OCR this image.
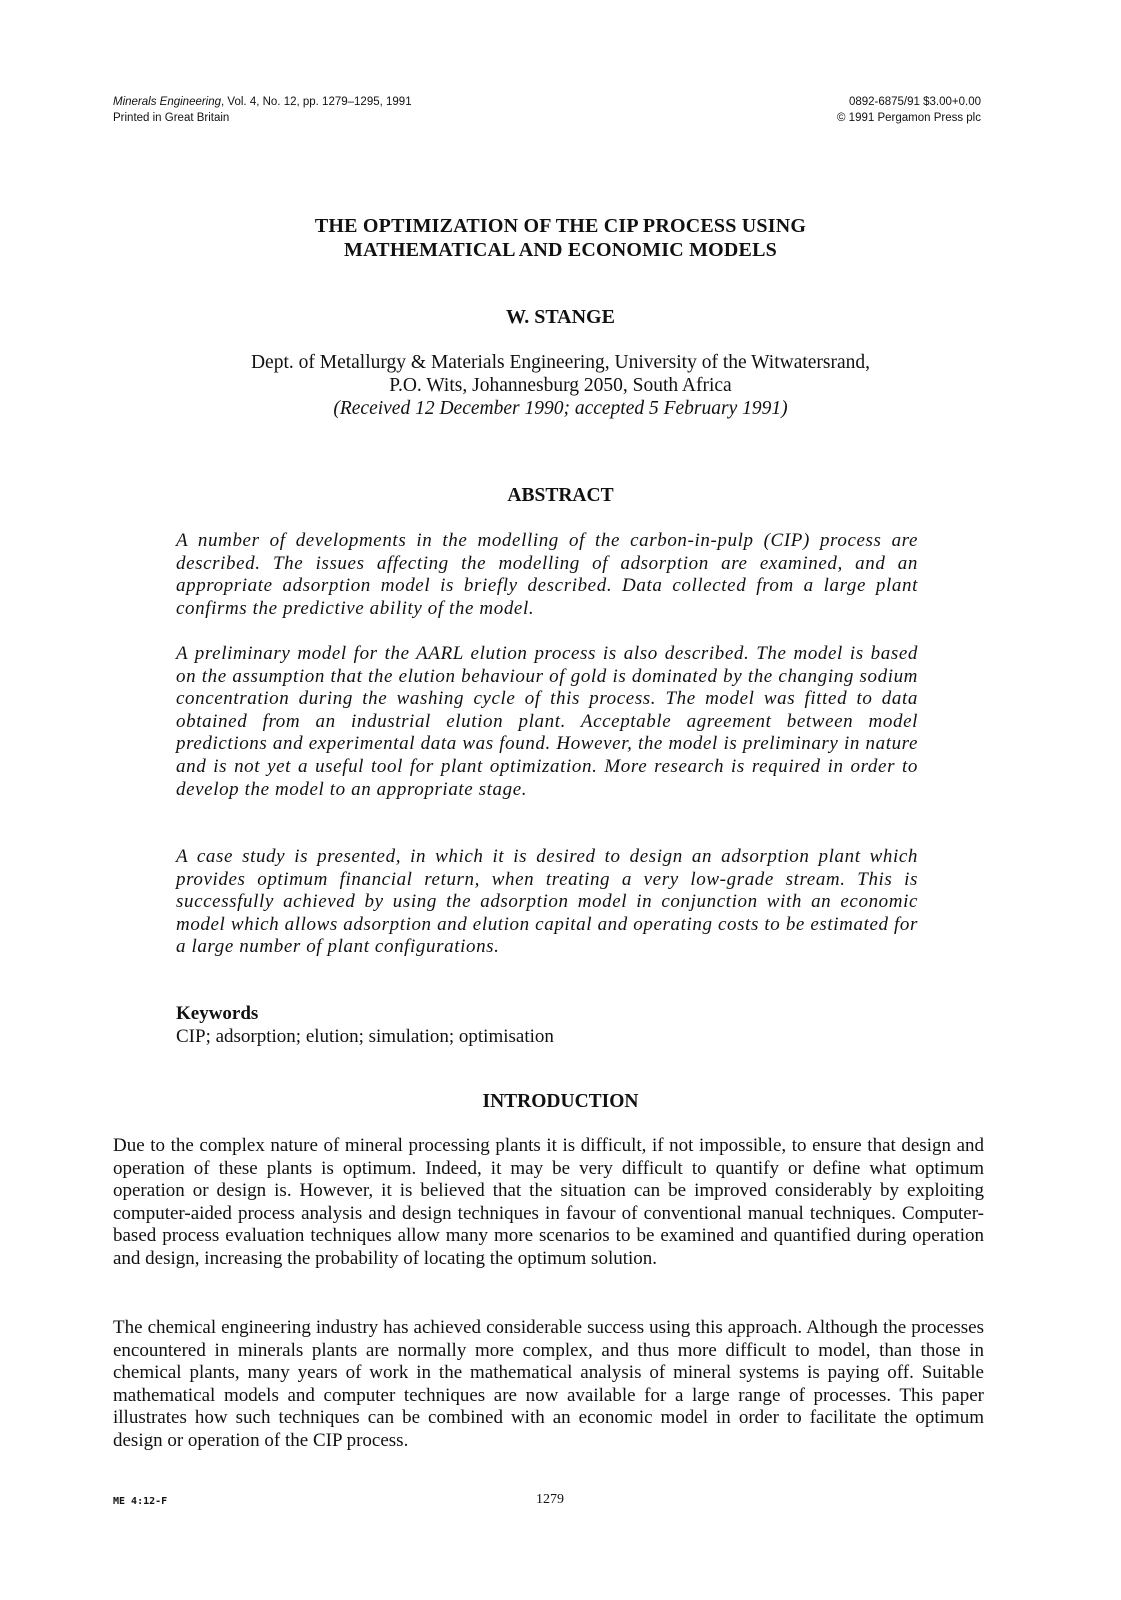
Minerals Engineering, Vol. 4, No. 12, pp. 1279–1295, 1991
Printed in Great Britain
0892-6875/91 $3.00+0.00
© 1991 Pergamon Press plc
THE OPTIMIZATION OF THE CIP PROCESS USING
MATHEMATICAL AND ECONOMIC MODELS
W. STANGE
Dept. of Metallurgy & Materials Engineering, University of the Witwatersrand,
P.O. Wits, Johannesburg 2050, South Africa
(Received 12 December 1990; accepted 5 February 1991)
ABSTRACT

A number of developments in the modelling of the carbon-in-pulp (CIP) process are described. The issues affecting the modelling of adsorption are examined, and an appropriate adsorption model is briefly described. Data collected from a large plant confirms the predictive ability of the model.

A preliminary model for the AARL elution process is also described. The model is based on the assumption that the elution behaviour of gold is dominated by the changing sodium concentration during the washing cycle of this process. The model was fitted to data obtained from an industrial elution plant. Acceptable agreement between model predictions and experimental data was found. However, the model is preliminary in nature and is not yet a useful tool for plant optimization. More research is required in order to develop the model to an appropriate stage.

A case study is presented, in which it is desired to design an adsorption plant which provides optimum financial return, when treating a very low-grade stream. This is successfully achieved by using the adsorption model in conjunction with an economic model which allows adsorption and elution capital and operating costs to be estimated for a large number of plant configurations.

Keywords
CIP; adsorption; elution; simulation; optimisation
INTRODUCTION

Due to the complex nature of mineral processing plants it is difficult, if not impossible, to ensure that design and operation of these plants is optimum. Indeed, it may be very difficult to quantify or define what optimum operation or design is. However, it is believed that the situation can be improved considerably by exploiting computer-aided process analysis and design techniques in favour of conventional manual techniques. Computer-based process evaluation techniques allow many more scenarios to be examined and quantified during operation and design, increasing the probability of locating the optimum solution.

The chemical engineering industry has achieved considerable success using this approach. Although the processes encountered in minerals plants are normally more complex, and thus more difficult to model, than those in chemical plants, many years of work in the mathematical analysis of mineral systems is paying off. Suitable mathematical models and computer techniques are now available for a large range of processes. This paper illustrates how such techniques can be combined with an economic model in order to facilitate the optimum design or operation of the CIP process.

ME 4:12-F	1279
